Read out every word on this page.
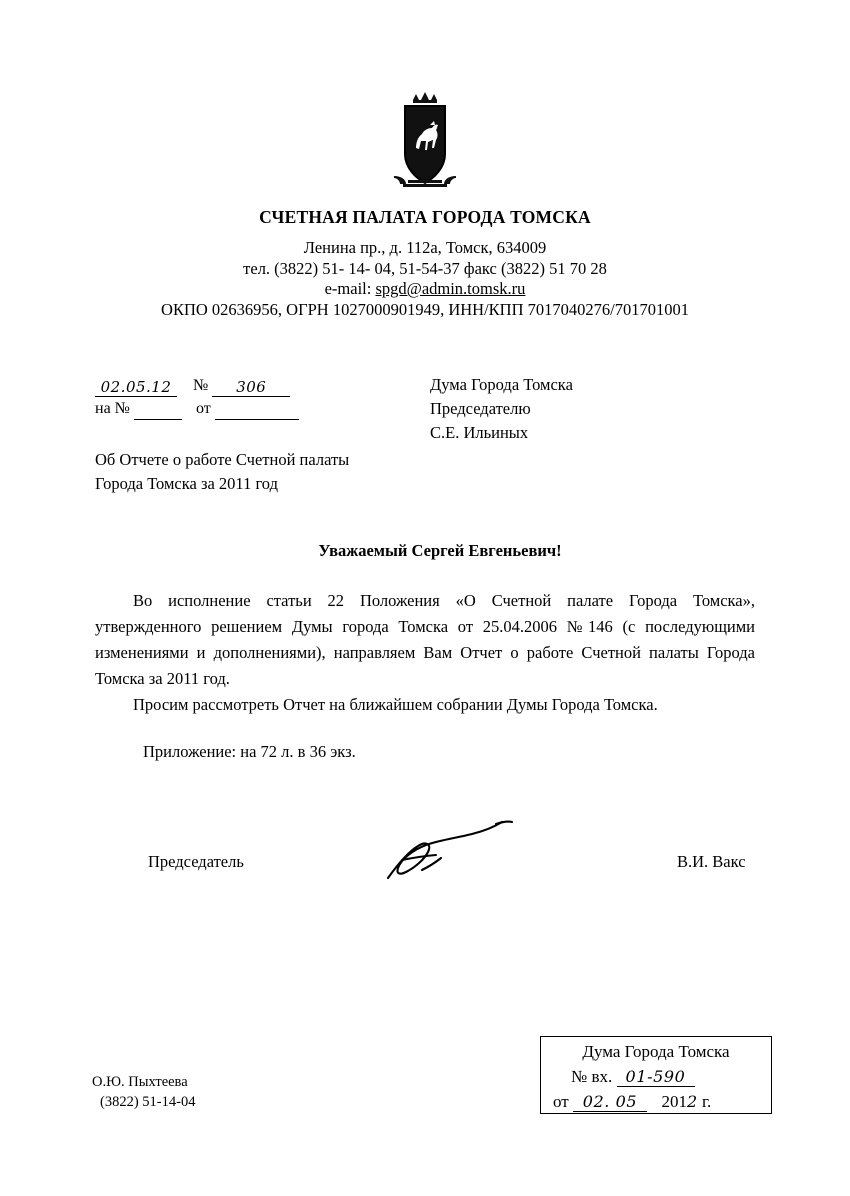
СЧЕТНАЯ ПАЛАТА ГОРОДА ТОМСКА
Ленина пр., д. 112а, Томск, 634009
тел. (3822) 51- 14- 04, 51-54-37 факс (3822) 51 70 28
e-mail: spgd@admin.tomsk.ru
ОКПО 02636956, ОГРН 1027000901949, ИНН/КПП 7017040276/701701001
02.05.12 № 306
на №	от
Дума Города Томска
Председателю
С.Е. Ильиных
Об Отчете о работе Счетной палаты
Города Томска за 2011 год
Уважаемый Сергей Евгеньевич!

Во исполнение статьи 22 Положения «О Счетной палате Города Томска», утвержденного решением Думы города Томска от 25.04.2006 №146 (с последующими изменениями и дополнениями), направляем Вам Отчет о работе Счетной палаты Города Томска за 2011 год.

Просим рассмотреть Отчет на ближайшем собрании Думы Города Томска.

Приложение: на 72 л. в 36 экз.
Председатель	В.И. Вакс
О.Ю. Пыхтеева
(3822) 51-14-04
Дума Города Томска
№ вх. 01-590
от 02. 05 2012 г.
